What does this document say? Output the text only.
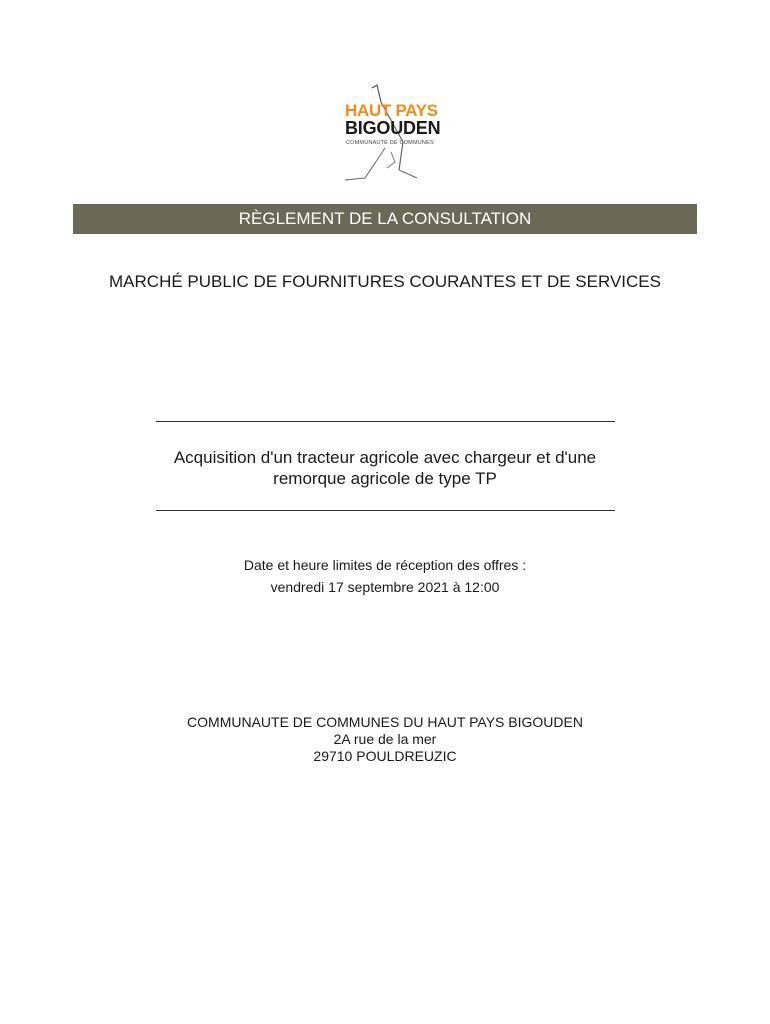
HAUT PAYS
BIGOUDEN
COMMUNAUTÉ DE COMMUNES
RÈGLEMENT DE LA CONSULTATION
MARCHÉ PUBLIC DE FOURNITURES COURANTES ET DE SERVICES
Acquisition d'un tracteur agricole avec chargeur et d'une
remorque agricole de type TP
Date et heure limites de réception des offres :
vendredi 17 septembre 2021 à 12:00
COMMUNAUTE DE COMMUNES DU HAUT PAYS BIGOUDEN
2A rue de la mer
29710 POULDREUZIC
